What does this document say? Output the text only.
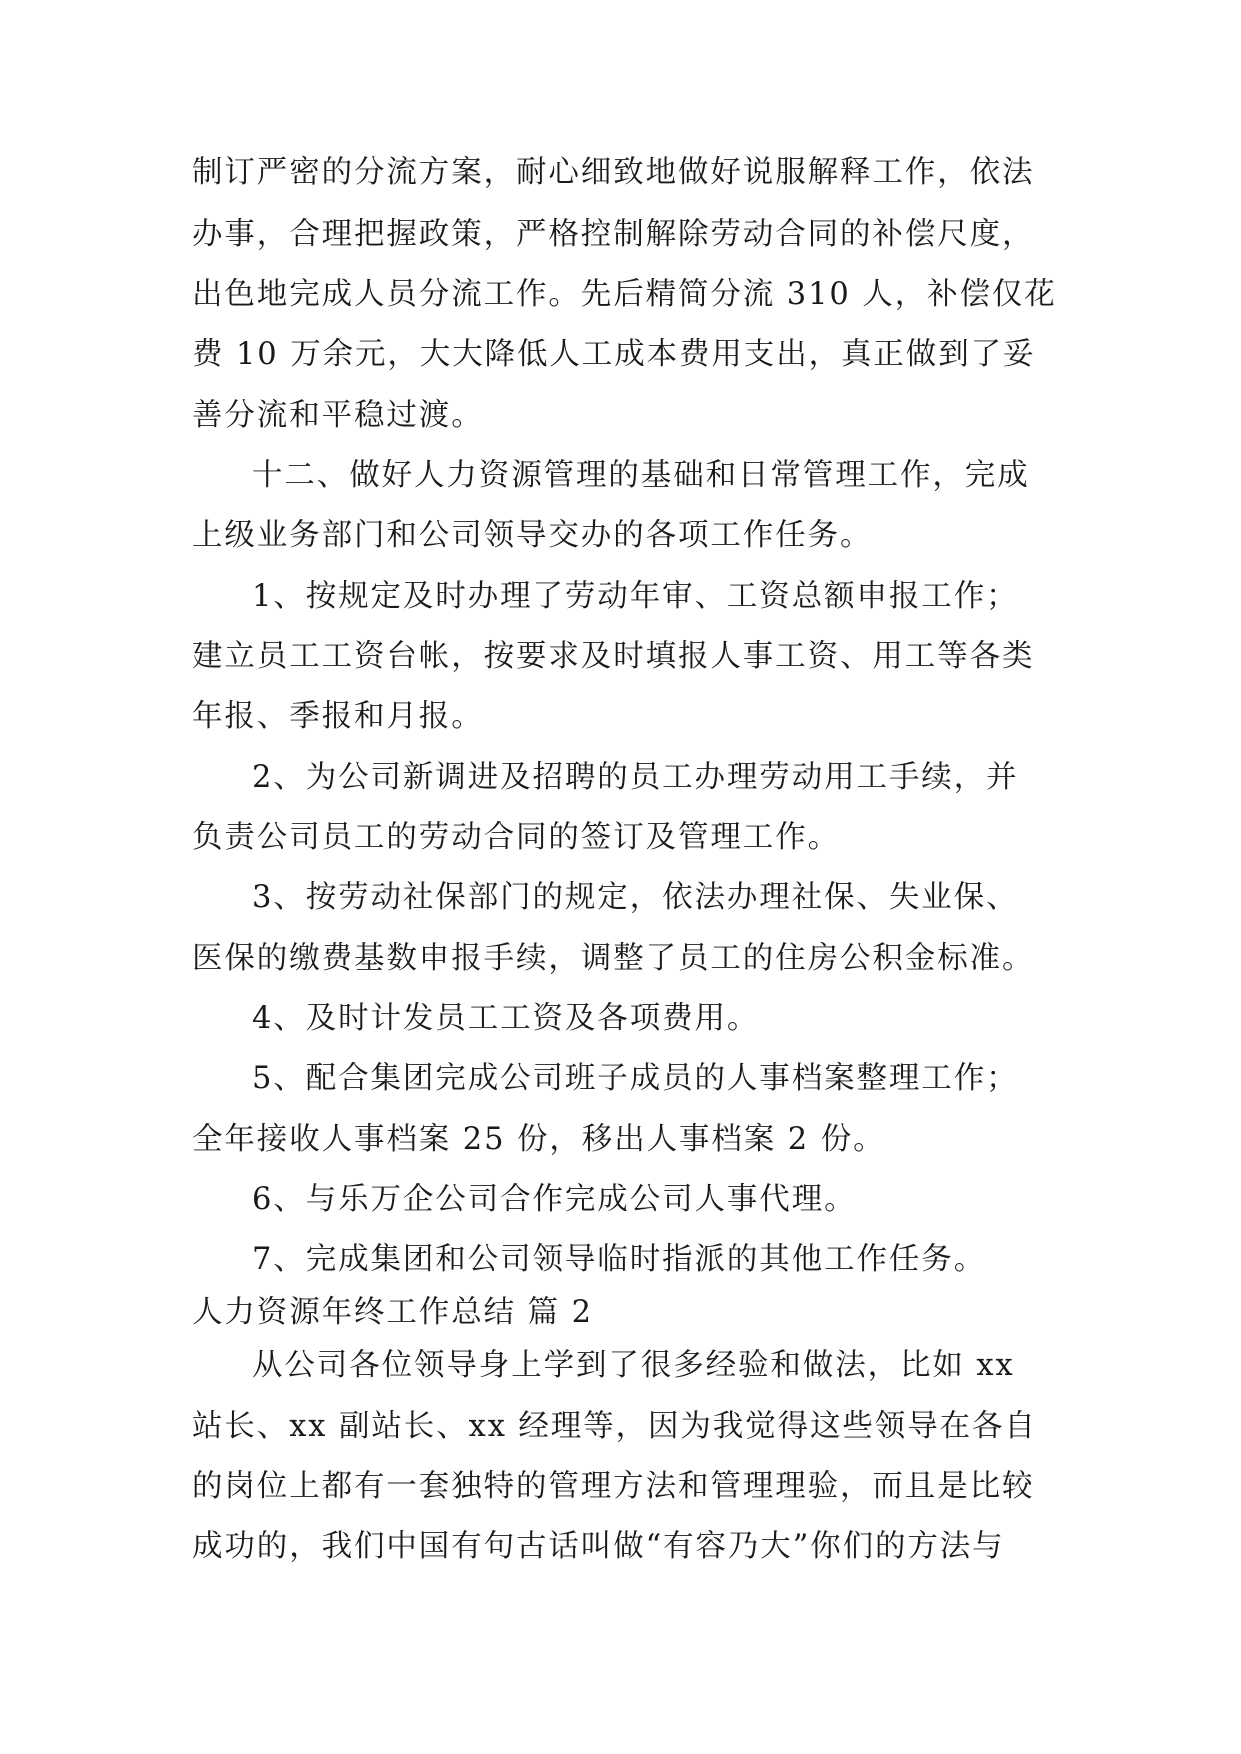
制订严密的分流方案，耐心细致地做好说服解释工作，依法
办事，合理把握政策，严格控制解除劳动合同的补偿尺度，
出色地完成人员分流工作。先后精简分流 310 人，补偿仅花
费 10 万余元，大大降低人工成本费用支出，真正做到了妥
善分流和平稳过渡。
十二、做好人力资源管理的基础和日常管理工作，完成
上级业务部门和公司领导交办的各项工作任务。
1、按规定及时办理了劳动年审、工资总额申报工作；
建立员工工资台帐，按要求及时填报人事工资、用工等各类
年报、季报和月报。
2、为公司新调进及招聘的员工办理劳动用工手续，并
负责公司员工的劳动合同的签订及管理工作。
3、按劳动社保部门的规定，依法办理社保、失业保、
医保的缴费基数申报手续，调整了员工的住房公积金标准。
4、及时计发员工工资及各项费用。
5、配合集团完成公司班子成员的人事档案整理工作；
全年接收人事档案 25 份，移出人事档案 2 份。
6、与乐万企公司合作完成公司人事代理。
7、完成集团和公司领导临时指派的其他工作任务。
人力资源年终工作总结 篇 2
从公司各位领导身上学到了很多经验和做法，比如 xx
站长、xx 副站长、xx 经理等，因为我觉得这些领导在各自
的岗位上都有一套独特的管理方法和管理理验，而且是比较
成功的，我们中国有句古话叫做“有容乃大”你们的方法与
